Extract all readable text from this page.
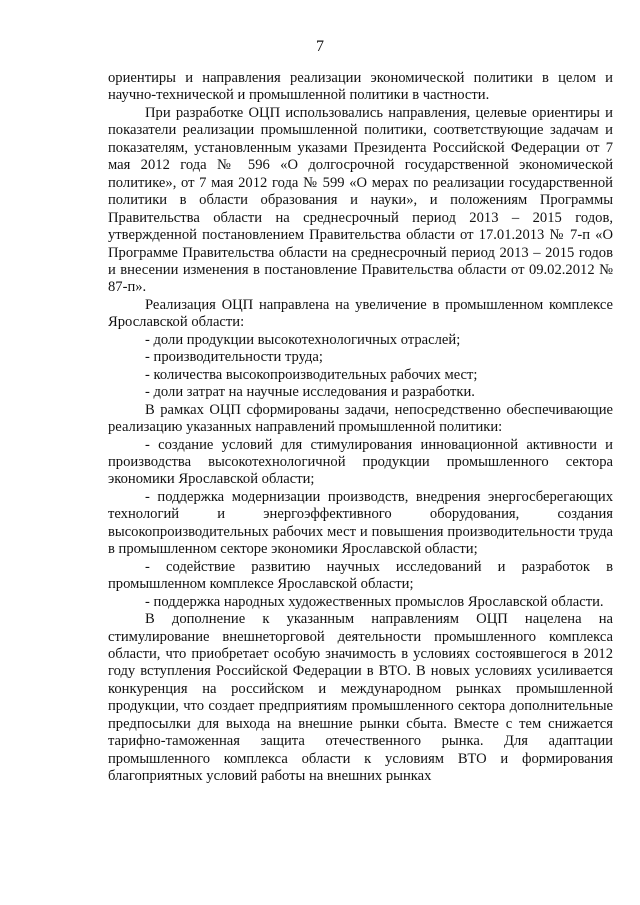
7

ориентиры и направления реализации экономической политики в целом и научно-технической и промышленной политики в частности.

При разработке ОЦП использовались направления, целевые ориентиры и показатели реализации промышленной политики, соответствующие задачам и показателям, установленным указами Президента Российской Федерации от 7 мая 2012 года № 596 «О долгосрочной государственной экономической политике», от 7 мая 2012 года № 599 «О мерах по реализации государственной политики в области образования и науки», и положениям Программы Правительства области на среднесрочный период 2013 – 2015 годов, утвержденной постановлением Правительства области от 17.01.2013 № 7-п «О Программе Правительства области на среднесрочный период 2013 – 2015 годов и внесении изменения в постановление Правительства области от 09.02.2012 № 87-п».

Реализация ОЦП направлена на увеличение в промышленном комплексе Ярославской области:

- доли продукции высокотехнологичных отраслей;

- производительности труда;

- количества высокопроизводительных рабочих мест;

- доли затрат на научные исследования и разработки.

В рамках ОЦП сформированы задачи, непосредственно обеспечивающие реализацию указанных направлений промышленной политики:

- создание условий для стимулирования инновационной активности и производства высокотехнологичной продукции промышленного сектора экономики Ярославской области;

- поддержка модернизации производств, внедрения энергосберегающих технологий и энергоэффективного оборудования, создания высокопроизводительных рабочих мест и повышения производительности труда в промышленном секторе экономики Ярославской области;

- содействие развитию научных исследований и разработок в промышленном комплексе Ярославской области;

- поддержка народных художественных промыслов Ярославской области.

В дополнение к указанным направлениям ОЦП нацелена на стимулирование внешнеторговой деятельности промышленного комплекса области, что приобретает особую значимость в условиях состоявшегося в 2012 году вступления Российской Федерации в ВТО. В новых условиях усиливается конкуренция на российском и международном рынках промышленной продукции, что создает предприятиям промышленного сектора дополнительные предпосылки для выхода на внешние рынки сбыта. Вместе с тем снижается тарифно-таможенная защита отечественного рынка. Для адаптации промышленного комплекса области к условиям ВТО и формирования благоприятных условий работы на внешних рынках
